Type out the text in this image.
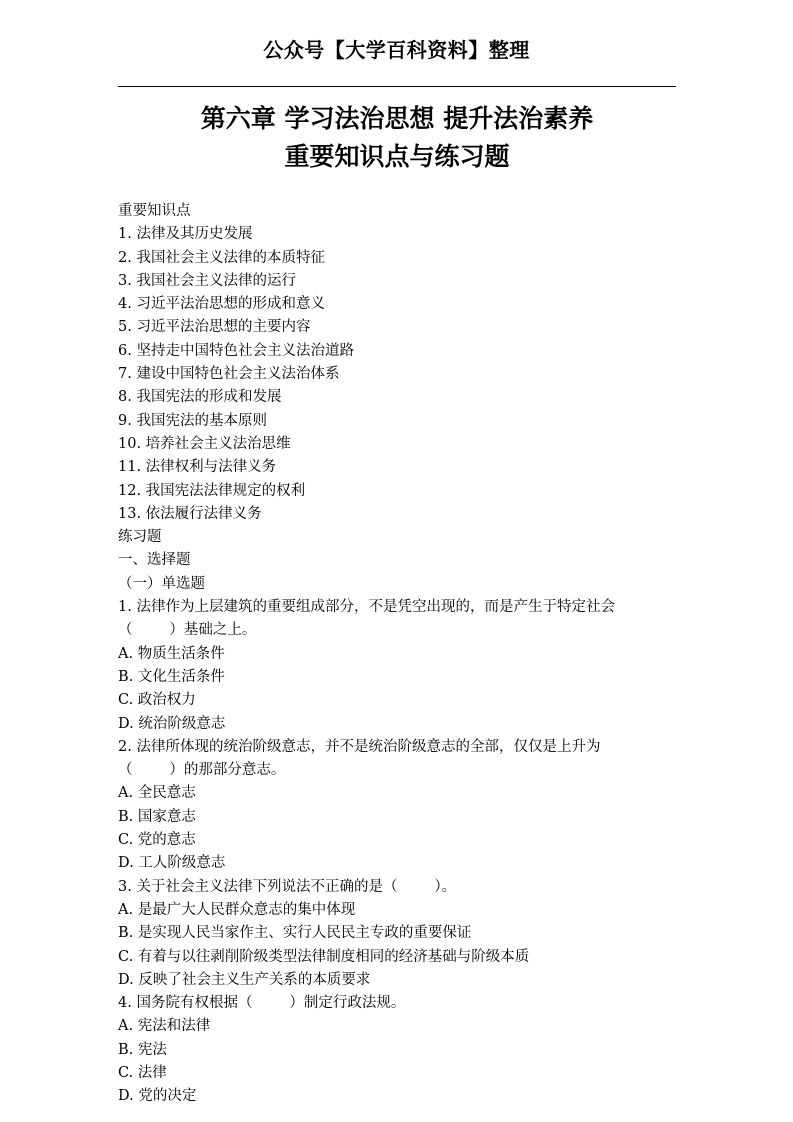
公众号【大学百科资料】整理
第六章 学习法治思想 提升法治素养
重要知识点与练习题

重要知识点

1. 法律及其历史发展

2. 我国社会主义法律的本质特征

3. 我国社会主义法律的运行

4. 习近平法治思想的形成和意义

5. 习近平法治思想的主要内容

6. 坚持走中国特色社会主义法治道路

7. 建设中国特色社会主义法治体系

8. 我国宪法的形成和发展

9. 我国宪法的基本原则

10. 培养社会主义法治思维

11. 法律权利与法律义务

12. 我国宪法法律规定的权利

13. 依法履行法律义务

练习题

一、选择题

（一）单选题

1. 法律作为上层建筑的重要组成部分，不是凭空出现的，而是产生于特定社会

（        ）基础之上。

A. 物质生活条件

B. 文化生活条件

C. 政治权力

D. 统治阶级意志

2. 法律所体现的统治阶级意志，并不是统治阶级意志的全部，仅仅是上升为

（        ）的那部分意志。

A. 全民意志

B. 国家意志

C. 党的意志

D. 工人阶级意志

3. 关于社会主义法律下列说法不正确的是（        ）。

A. 是最广大人民群众意志的集中体现

B. 是实现人民当家作主、实行人民民主专政的重要保证

C. 有着与以往剥削阶级类型法律制度相同的经济基础与阶级本质

D. 反映了社会主义生产关系的本质要求

4. 国务院有权根据（        ）制定行政法规。

A. 宪法和法律

B. 宪法

C. 法律

D. 党的决定
